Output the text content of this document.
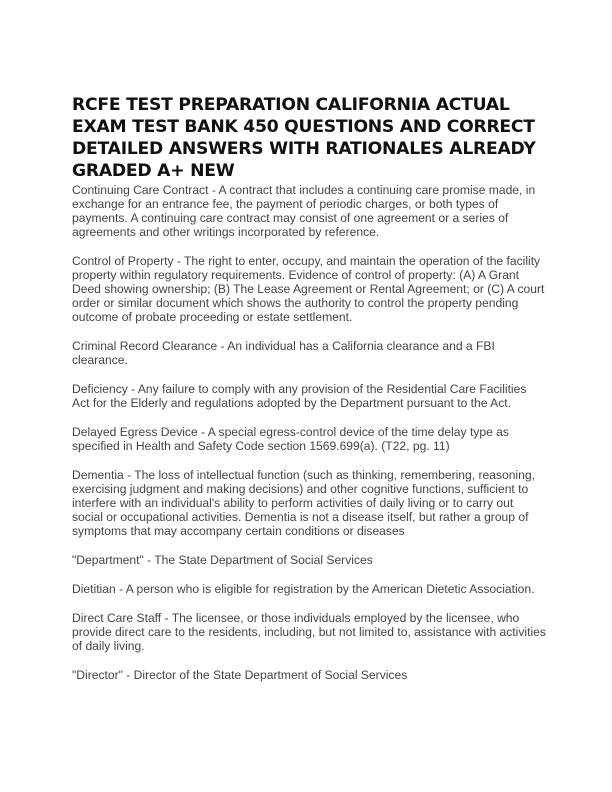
RCFE TEST PREPARATION CALIFORNIA ACTUAL EXAM TEST BANK 450 QUESTIONS AND CORRECT DETAILED ANSWERS WITH RATIONALES ALREADY GRADED A+ NEW

Continuing Care Contract - A contract that includes a continuing care promise made, in exchange for an entrance fee, the payment of periodic charges, or both types of payments. A continuing care contract may consist of one agreement or a series of agreements and other writings incorporated by reference.

Control of Property - The right to enter, occupy, and maintain the operation of the facility property within regulatory requirements. Evidence of control of property: (A) A Grant Deed showing ownership; (B) The Lease Agreement or Rental Agreement; or (C) A court order or similar document which shows the authority to control the property pending outcome of probate proceeding or estate settlement.

Criminal Record Clearance - An individual has a California clearance and a FBI clearance.

Deficiency - Any failure to comply with any provision of the Residential Care Facilities Act for the Elderly and regulations adopted by the Department pursuant to the Act.

Delayed Egress Device - A special egress-control device of the time delay type as specified in Health and Safety Code section 1569.699(a). (T22, pg. 11)

Dementia - The loss of intellectual function (such as thinking, remembering, reasoning, exercising judgment and making decisions) and other cognitive functions, sufficient to interfere with an individual's ability to perform activities of daily living or to carry out social or occupational activities. Dementia is not a disease itself, but rather a group of symptoms that may accompany certain conditions or diseases

"Department" - The State Department of Social Services

Dietitian - A person who is eligible for registration by the American Dietetic Association.

Direct Care Staff - The licensee, or those individuals employed by the licensee, who provide direct care to the residents, including, but not limited to, assistance with activities of daily living.

"Director" - Director of the State Department of Social Services
